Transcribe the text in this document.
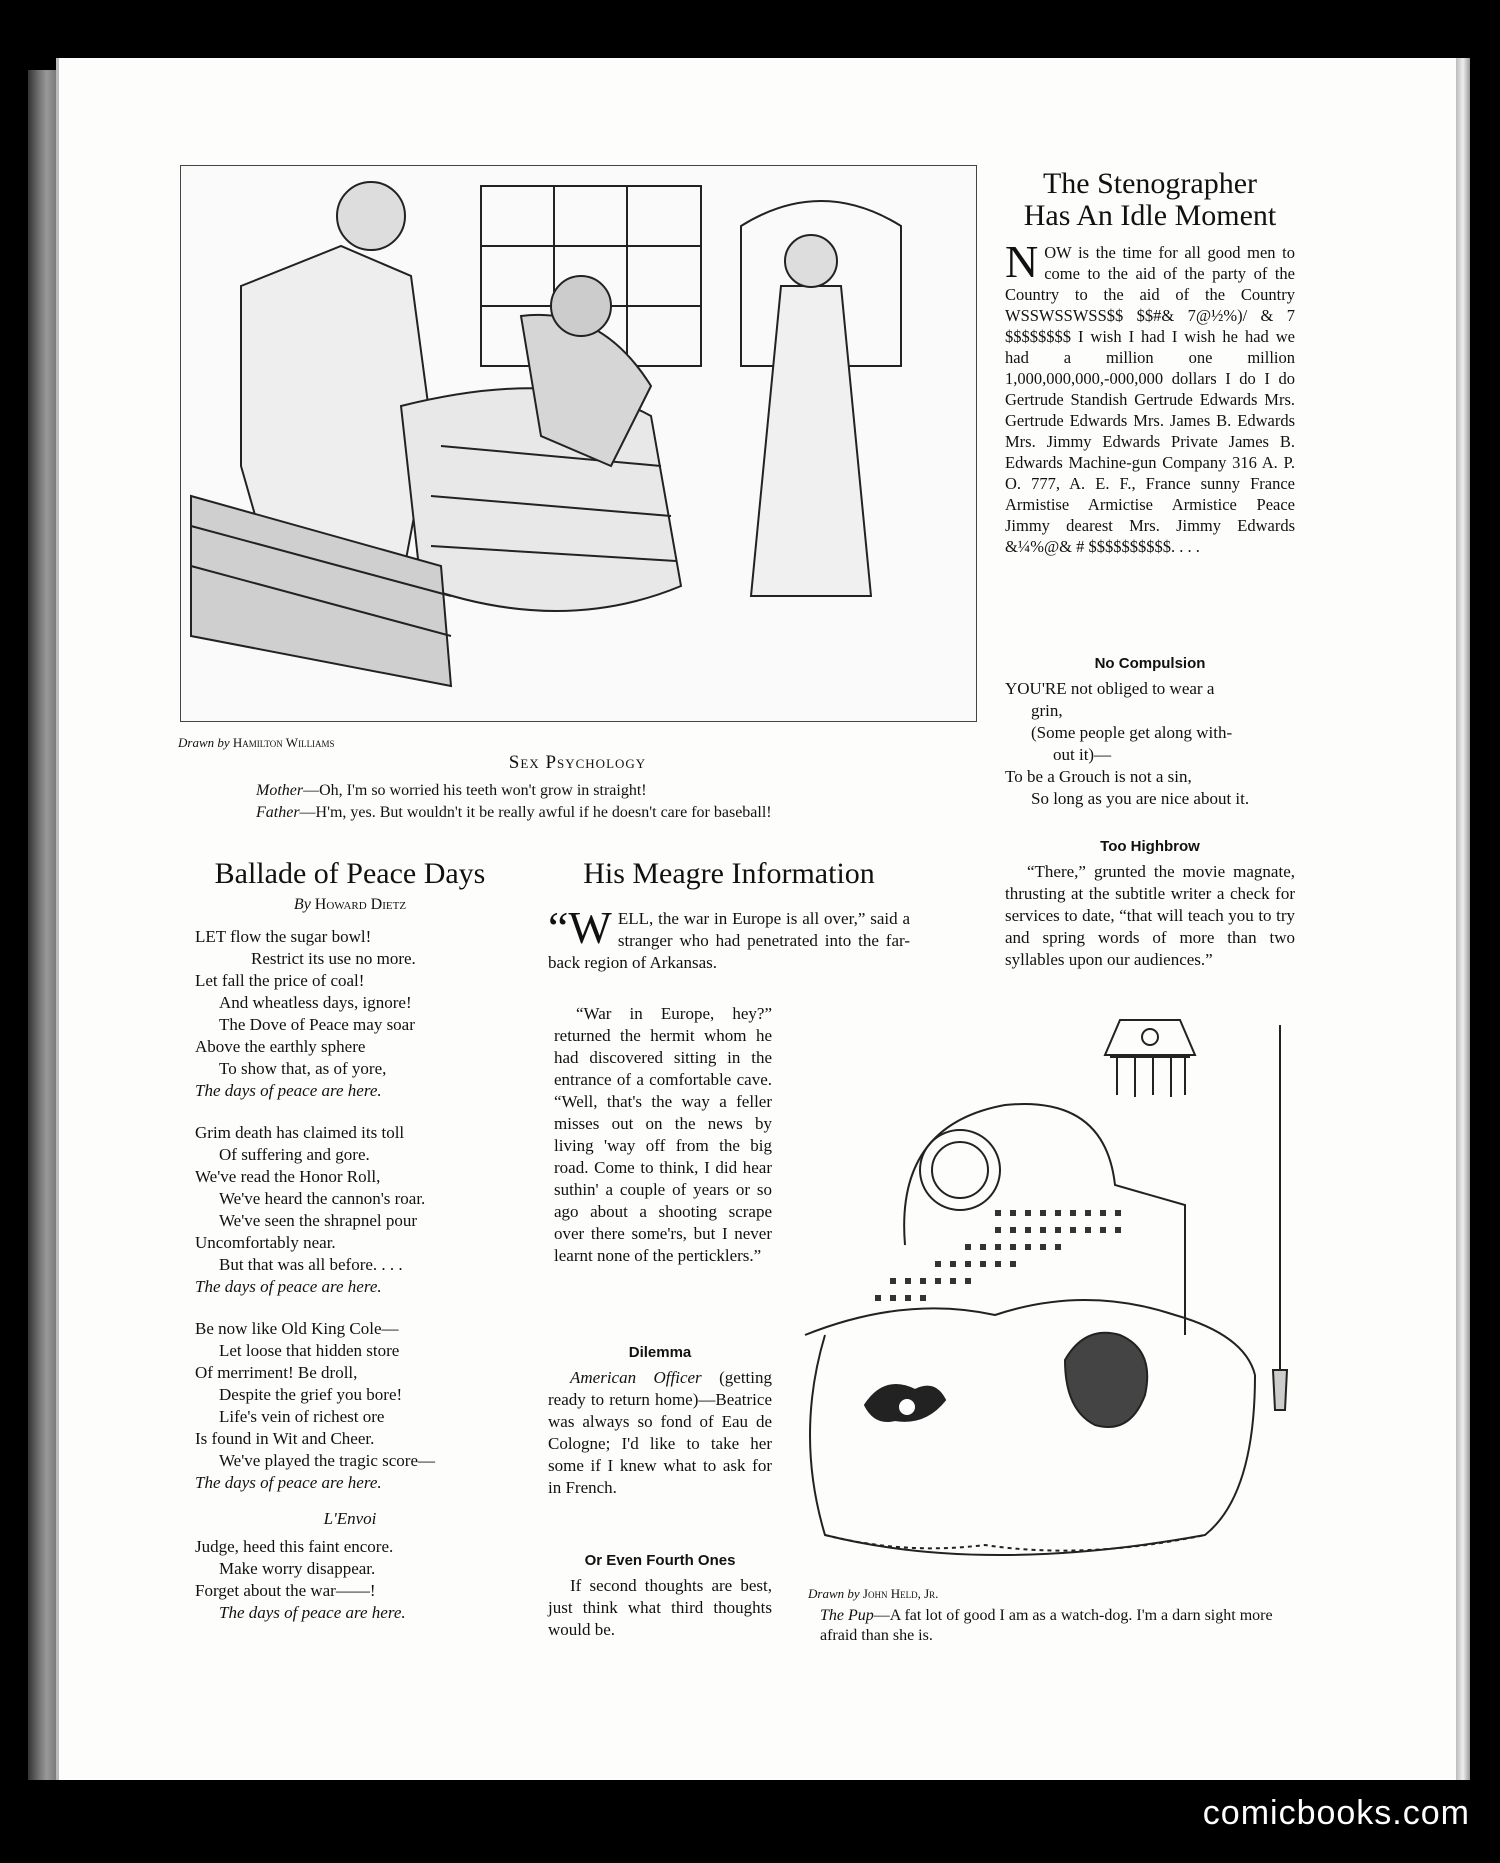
Drawn by Hamilton Williams
Sex Psychology
Mother—Oh, I'm so worried his teeth won't grow in straight!
Father—H'm, yes. But wouldn't it be really awful if he doesn't care for baseball!
The Stenographer
Has An Idle Moment
NOW is the time for all good men to come to the aid of the party of the Country to the aid of the Country WSSWSSWSS$$ $$#& 7@½%)/ & 7 $$$$$$$$ I wish I had I wish he had we had a million one million 1,000,000,000,-000,000 dollars I do I do Gertrude Standish Gertrude Edwards Mrs. Gertrude Edwards Mrs. James B. Edwards Mrs. Jimmy Edwards Private James B. Edwards Machine-gun Company 316 A. P. O. 777, A. E. F., France sunny France Armistise Armictise Armistice Peace Jimmy dearest Mrs. Jimmy Edwards &¼%@& # $$$$$$$$$$. . . .
No Compulsion
YOU'RE not obliged to wear a
grin,
(Some people get along with-
out it)—
To be a Grouch is not a sin,
So long as you are nice about it.
Too Highbrow
“There,” grunted the movie magnate, thrusting at the subtitle writer a check for services to date, “that will teach you to try and spring words of more than two syllables upon our audiences.”
Ballade of Peace Days
By Howard Dietz
LET flow the sugar bowl!
Restrict its use no more.
Let fall the price of coal!
And wheatless days, ignore!
The Dove of Peace may soar
Above the earthly sphere
To show that, as of yore,
The days of peace are here.
Grim death has claimed its toll
Of suffering and gore.
We've read the Honor Roll,
We've heard the cannon's roar.
We've seen the shrapnel pour
Uncomfortably near.
But that was all before. . . .
The days of peace are here.
Be now like Old King Cole—
Let loose that hidden store
Of merriment! Be droll,
Despite the grief you bore!
Life's vein of richest ore
Is found in Wit and Cheer.
We've played the tragic score—
The days of peace are here.
L'Envoi
Judge, heed this faint encore.
Make worry disappear.
Forget about the war——!
The days of peace are here.
His Meagre Information
“W ELL, the war in Europe is all over,” said a stranger who had penetrated into the far-back region of Arkansas.
“War in Europe, hey?” returned the hermit whom he had discovered sitting in the entrance of a comfortable cave. “Well, that's the way a feller misses out on the news by living 'way off from the big road. Come to think, I did hear suthin' a couple of years or so ago about a shooting scrape over there some'rs, but I never learnt none of the perticklers.”
Dilemma
American Officer (getting ready to return home)—Beatrice was always so fond of Eau de Cologne; I'd like to take her some if I knew what to ask for in French.
Or Even Fourth Ones
If second thoughts are best, just think what third thoughts would be.
Drawn by John Held, Jr.
The Pup—A fat lot of good I am as a watch-dog. I'm a darn sight more afraid than she is.
comicbooks.com
